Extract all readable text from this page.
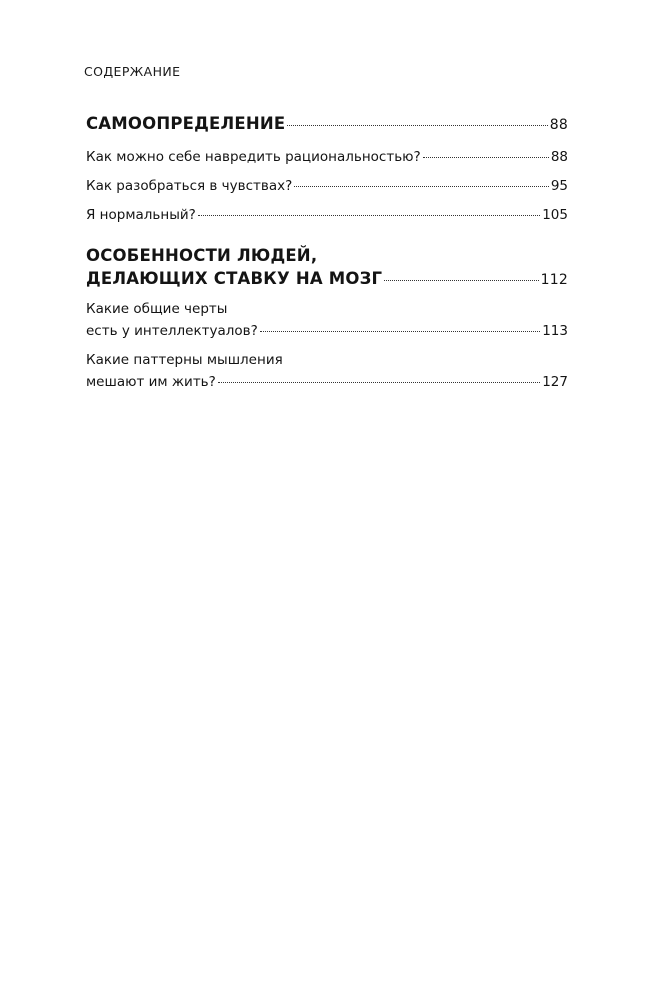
СОДЕРЖАНИЕ
САМООПРЕДЕЛЕНИЕ	88
Как можно себе навредить рациональностью?	88
Как разобраться в чувствах?	95
Я нормальный?	105
ОСОБЕННОСТИ ЛЮДЕЙ,
ДЕЛАЮЩИХ СТАВКУ НА МОЗГ	112
Какие общие черты
есть у интеллектуалов?	113
Какие паттерны мышления
мешают им жить?	127
